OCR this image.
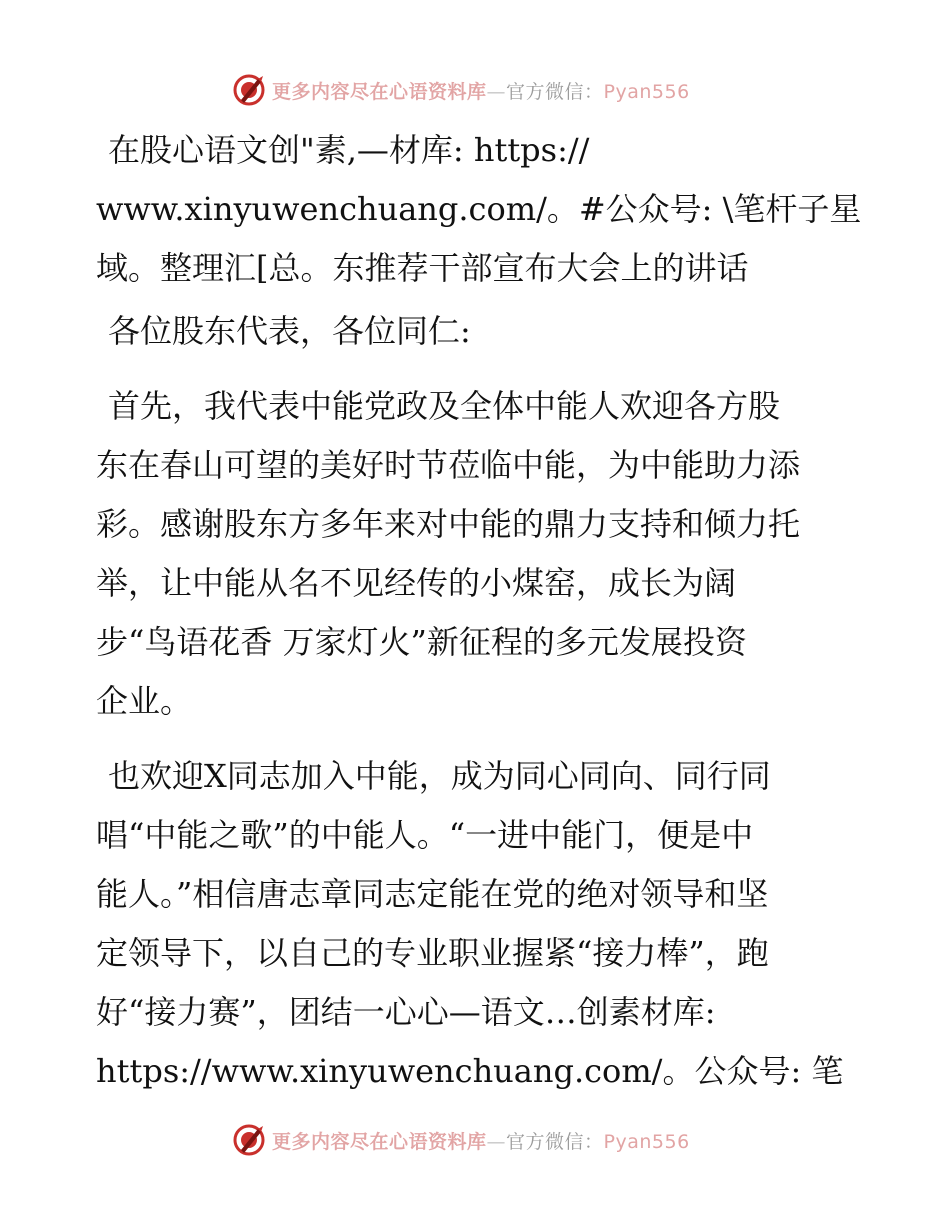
更多内容尽在心语资料库—官方微信：Pyan556
在股心语文创"素,—材库: https://
www.xinyuwenchuang.com/。#公众号: \笔杆子星
域。整理汇[总。东推荐干部宣布大会上的讲话
各位股东代表，各位同仁:
首先，我代表中能党政及全体中能人欢迎各方股
东在春山可望的美好时节莅临中能，为中能助力添
彩。感谢股东方多年来对中能的鼎力支持和倾力托
举，让中能从名不见经传的小煤窑，成长为阔
步“鸟语花香 万家灯火”新征程的多元发展投资
企业。
也欢迎X同志加入中能，成为同心同向、同行同
唱“中能之歌”的中能人。“一进中能门，便是中
能人。”相信唐志章同志定能在党的绝对领导和坚
定领导下，以自己的专业职业握紧“接力棒”，跑
好“接力赛”，团结一心心—语文…创素材库:
https://www.xinyuwenchuang.com/。公众号: 笔
更多内容尽在心语资料库—官方微信：Pyan556
